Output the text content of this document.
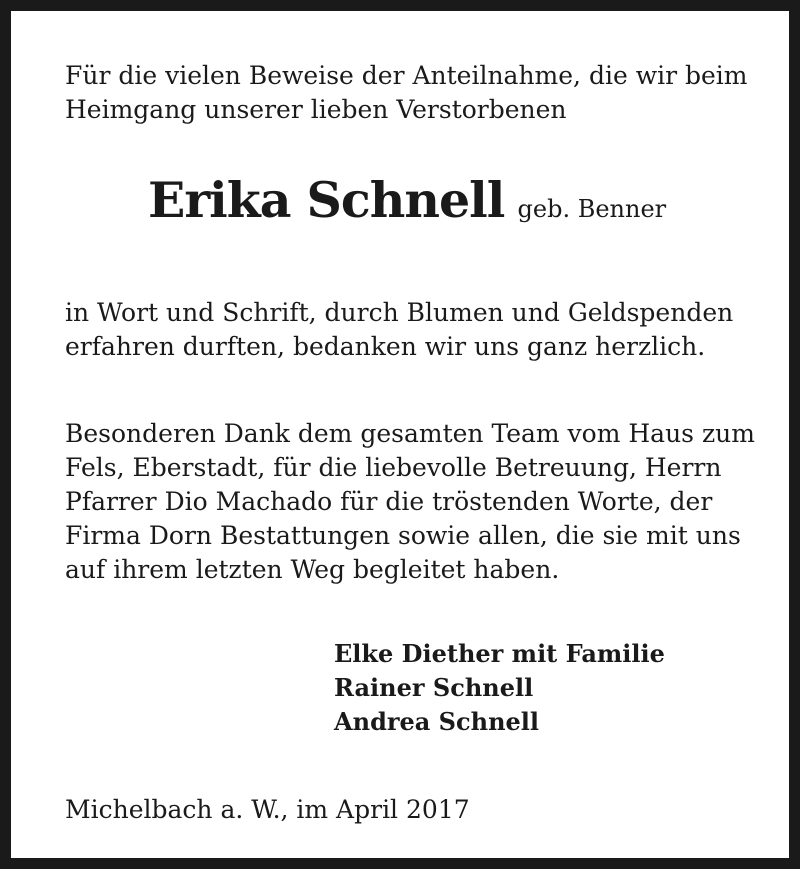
Für die vielen Beweise der Anteilnahme, die wir beim
Heimgang unserer lieben Verstorbenen

Erika Schnell geb. Benner

in Wort und Schrift, durch Blumen und Geldspenden
erfahren durften, bedanken wir uns ganz herzlich.

Besonderen Dank dem gesamten Team vom Haus zum
Fels, Eberstadt, für die liebevolle Betreuung, Herrn
Pfarrer Dio Machado für die tröstenden Worte, der
Firma Dorn Bestattungen sowie allen, die sie mit uns
auf ihrem letzten Weg begleitet haben.

Elke Diether mit Familie
Rainer Schnell
Andrea Schnell

Michelbach a. W., im April 2017
